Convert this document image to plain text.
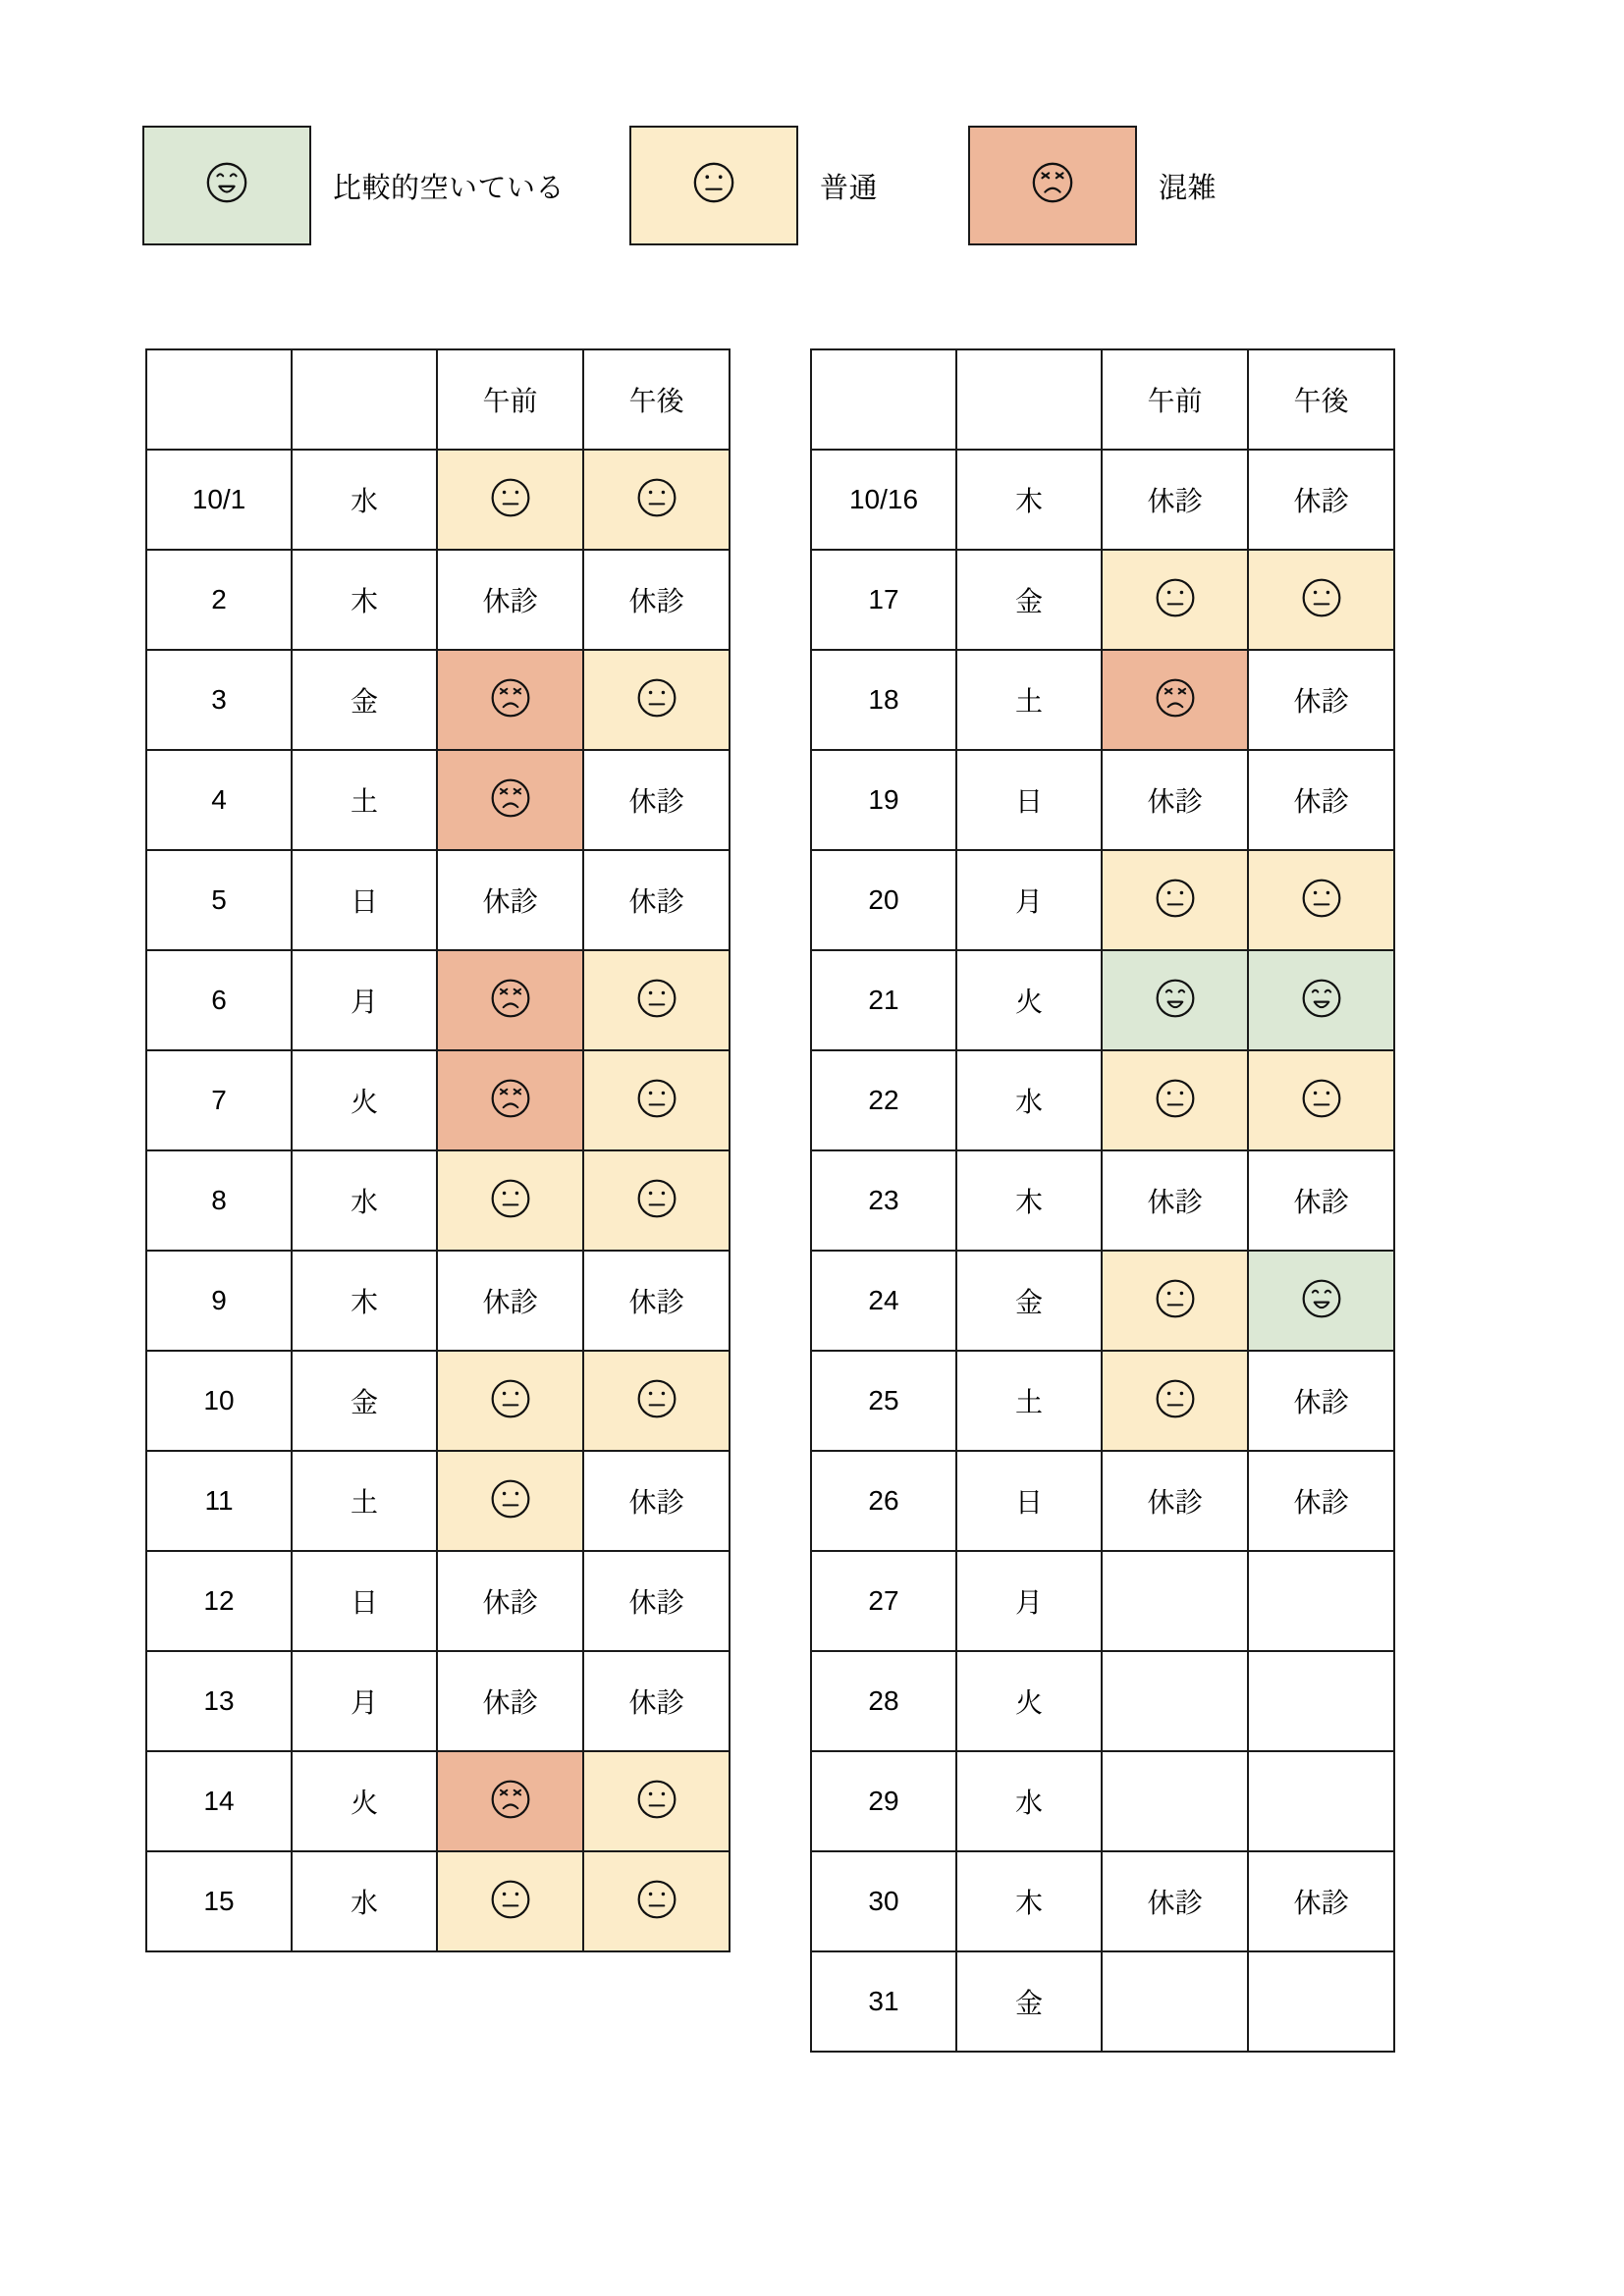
比較的空いている	普通	混雑
		午前	午後
10/1	水		
2	木	休診	休診
3	金		
4	土		休診
5	日	休診	休診
6	月		
7	火		
8	水		
9	木	休診	休診
10	金		
11	土		休診
12	日	休診	休診
13	月	休診	休診
14	火		
15	水		
		午前	午後
10/16	木	休診	休診
17	金		
18	土		休診
19	日	休診	休診
20	月		
21	火		
22	水		
23	木	休診	休診
24	金		
25	土		休診
26	日	休診	休診
27	月		
28	火		
29	水		
30	木	休診	休診
31	金		
